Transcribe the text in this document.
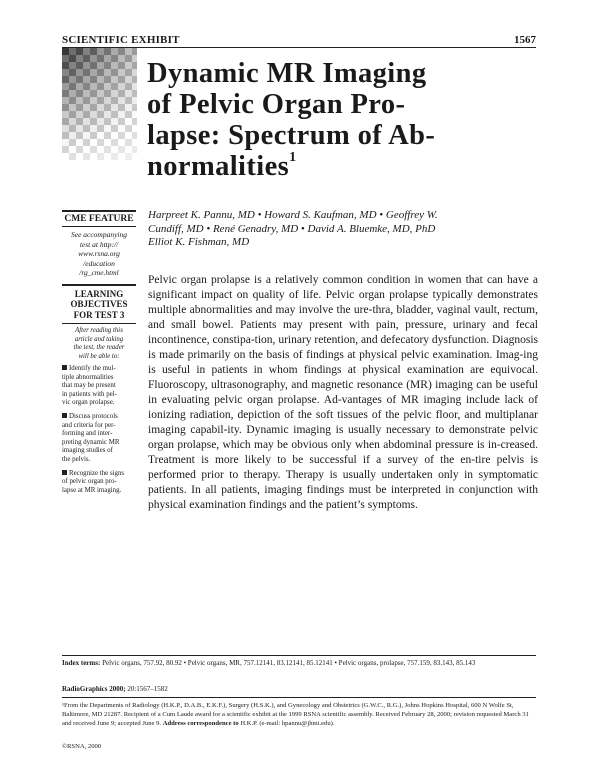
SCIENTIFIC EXHIBIT	1567
Dynamic MR Imaging
of Pelvic Organ Pro-
lapse: Spectrum of Ab-
normalities$^1$
Harpreet K. Pannu, MD • Howard S. Kaufman, MD • Geoffrey W.
Cundiff, MD • René Genadry, MD • David A. Bluemke, MD, PhD
Elliot K. Fishman, MD
CME FEATURE
See accompanying
test at http://
www.rsna.org
/education
/rg_cme.html
LEARNING
OBJECTIVES
FOR TEST 3
After reading this
article and taking
the test, the reader
will be able to:
Identify the mul-
tiple abnormalities
that may be present
in patients with pel-
vic organ prolapse.
Discuss protocols
and criteria for per-
forming and inter-
preting dynamic MR
imaging studies of
the pelvis.
Recognize the signs
of pelvic organ pro-
lapse at MR imaging.

Pelvic organ prolapse is a relatively common condition in women that can have a significant impact on quality of life. Pelvic organ prolapse typically demonstrates multiple abnormalities and may involve the ure-thra, bladder, vaginal vault, rectum, and small bowel. Patients may present with pain, pressure, urinary and fecal incontinence, constipa-tion, urinary retention, and defecatory dysfunction. Diagnosis is made primarily on the basis of findings at physical pelvic examination. Imag-ing is useful in patients in whom findings at physical examination are equivocal. Fluoroscopy, ultrasonography, and magnetic resonance (MR) imaging can be useful in evaluating pelvic organ prolapse. Ad-vantages of MR imaging include lack of ionizing radiation, depiction of the soft tissues of the pelvic floor, and multiplanar imaging capabil-ity. Dynamic imaging is usually necessary to demonstrate pelvic organ prolapse, which may be obvious only when abdominal pressure is in-creased. Treatment is more likely to be successful if a survey of the en-tire pelvis is performed prior to therapy. Therapy is usually undertaken only in symptomatic patients. In all patients, imaging findings must be interpreted in conjunction with physical examination findings and the patient’s symptoms.

Index terms: Pelvic organs, 757.92, 80.92 • Pelvic organs, MR, 757.12141, 83.12141, 85.12141 • Pelvic organs, prolapse, 757.159, 83.143, 85.143
RadioGraphics 2000; 20:1567–1582
¹From the Departments of Radiology (H.K.P., D.A.B., E.K.F.), Surgery (H.S.K.), and Gynecology and Obstetrics (G.W.C., R.G.), Johns Hopkins Hospital, 600 N Wolfe St, Baltimore, MD 21287. Recipient of a Cum Laude award for a scientific exhibit at the 1999 RSNA scientific assembly. Received February 28, 2000; revision requested March 31 and received June 9; accepted June 9. Address correspondence to H.K.P. (e-mail: hpannu@jhmi.edu).
©RSNA, 2000
